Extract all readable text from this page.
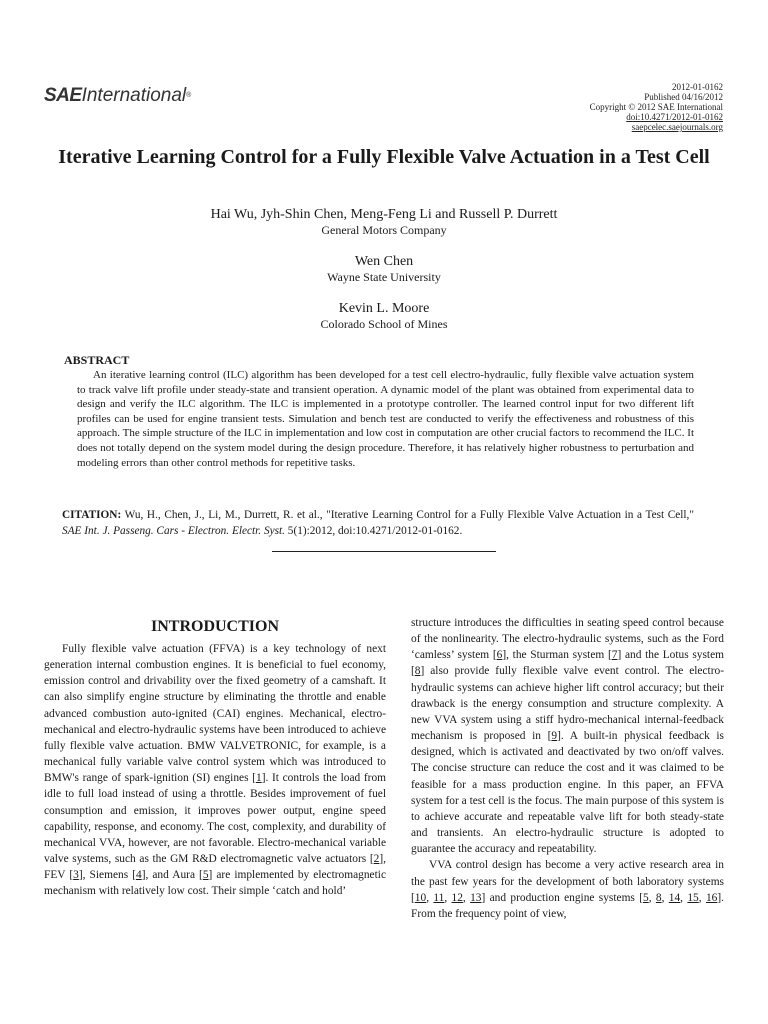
SAEInternational®
2012-01-0162
Published 04/16/2012
Copyright © 2012 SAE International
doi:10.4271/2012-01-0162
saepcelec.saejournals.org
Iterative Learning Control for a Fully Flexible Valve Actuation in a Test Cell
Hai Wu, Jyh-Shin Chen, Meng-Feng Li and Russell P. Durrett
General Motors Company
Wen Chen
Wayne State University
Kevin L. Moore
Colorado School of Mines
ABSTRACT

An iterative learning control (ILC) algorithm has been developed for a test cell electro-hydraulic, fully flexible valve actuation system to track valve lift profile under steady-state and transient operation. A dynamic model of the plant was obtained from experimental data to design and verify the ILC algorithm. The ILC is implemented in a prototype controller. The learned control input for two different lift profiles can be used for engine transient tests. Simulation and bench test are conducted to verify the effectiveness and robustness of this approach. The simple structure of the ILC in implementation and low cost in computation are other crucial factors to recommend the ILC. It does not totally depend on the system model during the design procedure. Therefore, it has relatively higher robustness to perturbation and modeling errors than other control methods for repetitive tasks.

CITATION: Wu, H., Chen, J., Li, M., Durrett, R. et al., "Iterative Learning Control for a Fully Flexible Valve Actuation in a Test Cell," SAE Int. J. Passeng. Cars - Electron. Electr. Syst. 5(1):2012, doi:10.4271/2012-01-0162.

INTRODUCTION

Fully flexible valve actuation (FFVA) is a key technology of next generation internal combustion engines. It is beneficial to fuel economy, emission control and drivability over the fixed geometry of a camshaft. It can also simplify engine structure by eliminating the throttle and enable advanced combustion auto-ignited (CAI) engines. Mechanical, electro-mechanical and electro-hydraulic systems have been introduced to achieve fully flexible valve actuation. BMW VALVETRONIC, for example, is a mechanical fully variable valve control system which was introduced to BMW's range of spark-ignition (SI) engines [1]. It controls the load from idle to full load instead of using a throttle. Besides improvement of fuel consumption and emission, it improves power output, engine speed capability, response, and economy. The cost, complexity, and durability of mechanical VVA, however, are not favorable. Electro-mechanical variable valve systems, such as the GM R&D electromagnetic valve actuators [2], FEV [3], Siemens [4], and Aura [5] are implemented by electromagnetic mechanism with relatively low cost. Their simple ‘catch and hold’

structure introduces the difficulties in seating speed control because of the nonlinearity. The electro-hydraulic systems, such as the Ford ‘camless’ system [6], the Sturman system [7] and the Lotus system [8] also provide fully flexible valve event control. The electro-hydraulic systems can achieve higher lift control accuracy; but their drawback is the energy consumption and structure complexity. A new VVA system using a stiff hydro-mechanical internal-feedback mechanism is proposed in [9]. A built-in physical feedback is designed, which is activated and deactivated by two on/off valves. The concise structure can reduce the cost and it was claimed to be feasible for a mass production engine. In this paper, an FFVA system for a test cell is the focus. The main purpose of this system is to achieve accurate and repeatable valve lift for both steady-state and transients. An electro-hydraulic structure is adopted to guarantee the accuracy and repeatability.

VVA control design has become a very active research area in the past few years for the development of both laboratory systems [10, 11, 12, 13] and production engine systems [5, 8, 14, 15, 16]. From the frequency point of view,
